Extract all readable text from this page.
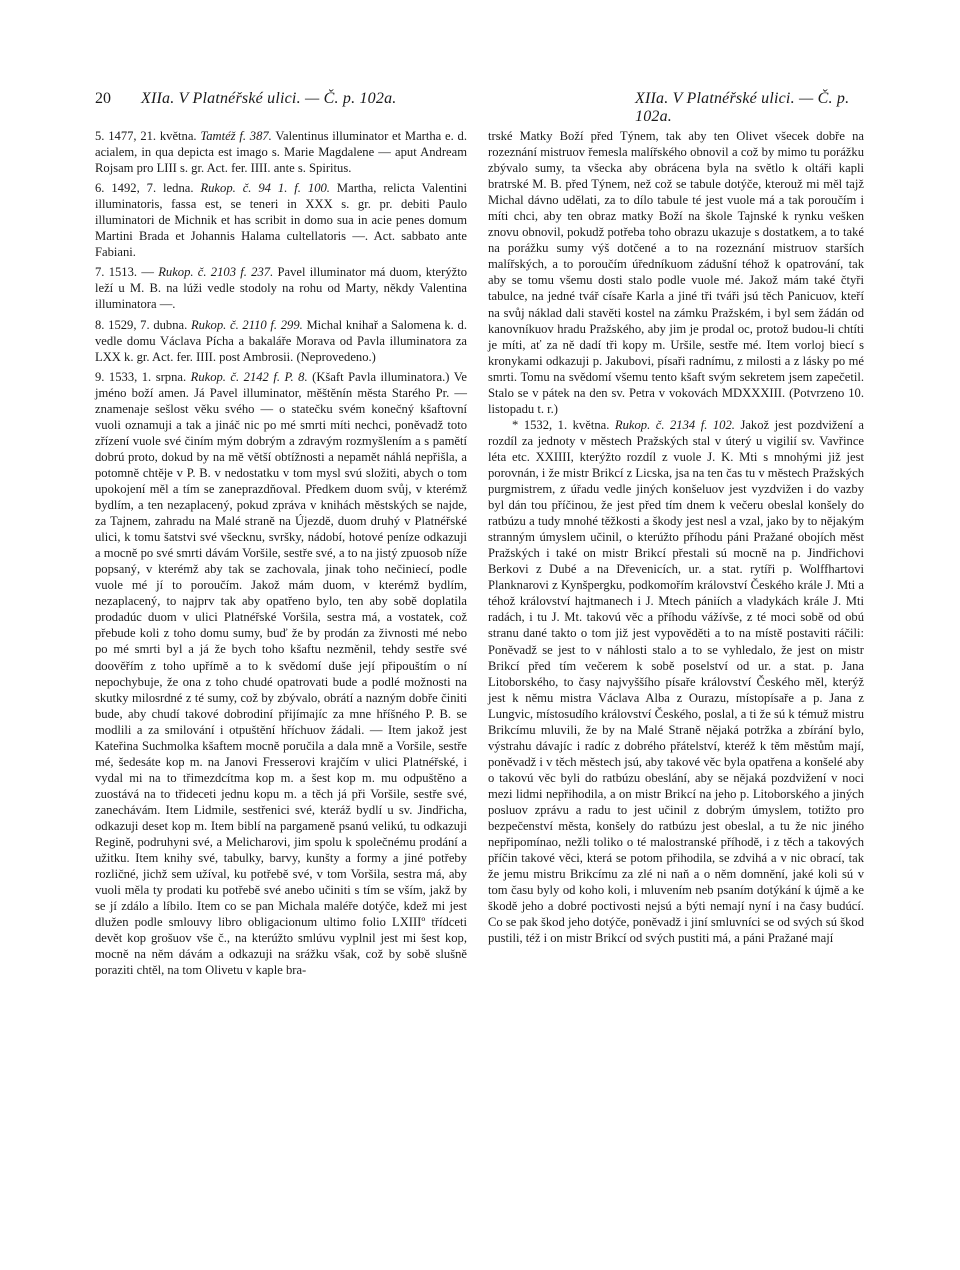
20 XIIa. V Platnéřské ulici. — Č. p. 102a.	XIIa. V Platnéřské ulici. — Č. p. 102a.

5. 1477, 21. května. Tamtéž f. 387. Valentinus illuminator et Martha e. d. acialem, in qua depicta est imago s. Marie Magdalene — aput Andream Rojsam pro LIII s. gr. Act. fer. IIII. ante s. Spiritus.

6. 1492, 7. ledna. Rukop. č. 94 1. f. 100. Martha, relicta Valentini illuminatoris, fassa est, se teneri in XXX s. gr. pr. debiti Paulo illuminatori de Michnik et has scribit in domo sua in acie penes domum Martini Brada et Johannis Halama cultellatoris —. Act. sabbato ante Fabiani.

7. 1513. — Rukop. č. 2103 f. 237. Pavel illuminator má duom, kterýžto leží u M. B. na lúži vedle stodoly na rohu od Marty, někdy Valentina illuminatora —.

8. 1529, 7. dubna. Rukop. č. 2110 f. 299. Michal knihař a Salomena k. d. vedle domu Václava Pícha a bakaláře Morava od Pavla illuminatora za LXX k. gr. Act. fer. IIII. post Ambrosii. (Neprovedeno.)

9. 1533, 1. srpna. Rukop. č. 2142 f. P. 8. (Kšaft Pavla illuminatora.) Ve jméno boží amen. Já Pavel illuminator, měštěnín města Starého Pr. — znamenaje sešlost věku svého — o statečku svém konečný kšaftovní vuoli oznamuji a tak a jináč nic po mé smrti míti nechci, poněvadž toto zřízení vuole své činím mým dobrým a zdravým rozmyšlením a s pamětí dobrú proto, dokud by na mě větší obtížnosti a nepamět náhlá nepřišla, a potomně chtěje v P. B. v nedostatku v tom mysl svú složiti, abych o tom upokojení měl a tím se zaneprazdňoval. Předkem duom svůj, v kterémž bydlím, a ten nezaplacený, pokud zpráva v knihách městských se najde, za Tajnem, zahradu na Malé straně na Újezdě, duom druhý v Platnéřské ulici, k tomu šatstvi své všecknu, svršky, nádobí, hotové peníze odkazuji a mocně po své smrti dávám Voršile, sestře své, a to na jistý zpuosob níže popsaný, v kterémž aby tak se zachovala, jinak toho nečiniecí, podle vuole mé jí to poroučím. Jakož mám duom, v kterémž bydlím, nezaplacený, to najprv tak aby opatřeno bylo, ten aby sobě doplatila prodadúc duom v ulici Platnéřské Voršila, sestra má, a vostatek, což přebude koli z toho domu sumy, buď že by prodán za živnosti mé nebo po mé smrti byl a já že bych toho kšaftu nezměnil, tehdy sestře své doověřím z toho upřímě a to k svědomí duše její připouštím o ní nepochybuje, že ona z toho chudé opatrovati bude a podlé možnosti na skutky milosrdné z té sumy, což by zbývalo, obrátí a nazným dobře činiti bude, aby chudí takové dobrodiní přijímajíc za mne hříšného P. B. se modlili a za smilování i otpuštění hříchuov žádali. — Item jakož jest Kateřina Suchmolka kšaftem mocně poručila a dala mně a Voršile, sestře mé, šedesáte kop m. na Janovi Fresserovi krajčím v ulici Platnéřské, i vydal mi na to třimezdcítma kop m. a šest kop m. mu odpuštěno a zuostává na to třideceti jednu kopu m. a těch já při Voršile, sestře své, zanechávám. Item Lidmile, sestřenici své, kteráž bydlí u sv. Jindřicha, odkazuji deset kop m. Item biblí na pargameně psanú velikú, tu odkazuji Regině, podruhyni své, a Melicharovi, jim spolu k společnému prodání a užitku. Item knihy své, tabulky, barvy, kunšty a formy a jiné potřeby rozličné, jichž sem užíval, ku potřebě své, v tom Voršila, sestra má, aby vuoli měla ty prodati ku potřebě své anebo učiniti s tím se vším, jakž by se jí zdálo a líbilo. Item co se pan Michala maléře dotýče, kdež mi jest dlužen podle smlouvy libro obligacionum ultimo folio LXIIIº třídceti devět kop grošuov vše č., na kterúžto smlúvu vyplnil jest mi šest kop, mocně na něm dávám a odkazuji na srážku však, což by sobě slušně poraziti chtěl, na tom Olivetu v kaple bra-

trské Matky Boží před Týnem, tak aby ten Olivet všecek dobře na rozeznání mistruov řemesla malířského obnovil a což by mimo tu porážku zbývalo sumy, ta všecka aby obrácena byla na světlo k oltáři kapli bratrské M. B. před Týnem, než což se tabule dotýče, kterouž mi měl tajž Michal dávno udělati, za to dílo tabule té jest vuole má a tak poroučím i míti chci, aby ten obraz matky Boží na škole Tajnské k rynku vešken znovu obnovil, pokudž potřeba toho obrazu ukazuje s dostatkem, a to také na porážku sumy výš dotčené a to na rozeznání mistruov starších malířských, a to poroučím úředníkuom zádušní téhož k opatrování, tak aby se tomu všemu dosti stalo podle vuole mé. Jakož mám také čtyři tabulce, na jedné tvář císaře Karla a jiné tři tváři jsú těch Panicuov, kteří na svůj náklad dali stavěti kostel na zámku Pražském, i byl sem žádán od kanovníkuov hradu Pražského, aby jim je prodal oc, protož budou-li chtíti je míti, ať za ně dadí tři kopy m. Uršile, sestře mé. Item vorloj biecí s kronykami odkazuji p. Jakubovi, písaři radnímu, z milosti a z lásky po mé smrti. Tomu na svědomí všemu tento kšaft svým sekretem jsem zapečetil. Stalo se v pátek na den sv. Petra v vokovách MDXXXIII. (Potvrzeno 10. listopadu t. r.)

* 1532, 1. května. Rukop. č. 2134 f. 102. Jakož jest pozdvižení a rozdíl za jednoty v městech Pražských stal v úterý u vigilií sv. Vavřince léta etc. XXIIII, kterýžto rozdíl z vuole J. K. Mti s mnohými již jest porovnán, i že mistr Brikcí z Licska, jsa na ten čas tu v městech Pražských purgmistrem, z úřadu vedle jiných konšeluov jest vyzdvižen i do vazby byl dán tou příčinou, že jest před tím dnem k večeru obeslal konšely do ratbúzu a tudy mnohé těžkosti a škody jest nesl a vzal, jako by to nějakým stranným úmyslem učinil, o kterúžto příhodu páni Pražané obojích měst Pražských i také on mistr Brikcí přestali sú mocně na p. Jindřichovi Berkovi z Dubé a na Dřevenicích, ur. a stat. rytíři p. Wolffhartovi Planknarovi z Kynšpergku, podkomořím království Českého krále J. Mti a téhož království hajtmanech i J. Mtech pániích a vladykách krále J. Mti radách, i tu J. Mt. takovú věc a příhodu vážívše, z té moci sobě od obú stranu dané takto o tom již jest vypověděti a to na místě postaviti ráčili: Poněvadž se jest to v náhlosti stalo a to se vyhledalo, že jest on mistr Brikcí před tím večerem k sobě poselství od ur. a stat. p. Jana Litoborského, to časy najvyššího písaře království Českého měl, kterýž jest k němu mistra Václava Alba z Ourazu, místopísaře a p. Jana z Lungvic, místosudího království Českého, poslal, a ti že sú k témuž mistru Brikcímu mluvili, že by na Malé Straně nějaká potržka a zbírání bylo, výstrahu dávajíc i radíc z dobrého přátelství, kteréž k těm městům mají, poněvadž i v těch městech jsú, aby takové věc byla opatřena a konšelé aby o takovú věc byli do ratbúzu obeslání, aby se nějaká pozdvižení v noci mezi lidmi nepřihodila, a on mistr Brikcí na jeho p. Litoborského a jiných posluov zprávu a radu to jest učinil z dobrým úmyslem, totižto pro bezpečenství města, konšely do ratbúzu jest obeslal, a tu že nic jiného nepřipomínao, nežli toliko o té malostranské příhodě, i z těch a takových příčin takové věci, která se potom přihodila, se zdvihá a v nic obrací, tak že jemu mistru Brikcímu za zlé ni naň a o něm domnění, jaké koli sú v tom času byly od koho koli, i mluvením neb psaním dotýkání k újmě a ke škodě jeho a dobré poctivosti nejsú a býti nemají nyní i na časy budúcí. Co se pak škod jeho dotýče, poněvadž i jiní smluvníci se od svých sú škod pustili, též i on mistr Brikcí od svých pustiti má, a páni Pražané mají
